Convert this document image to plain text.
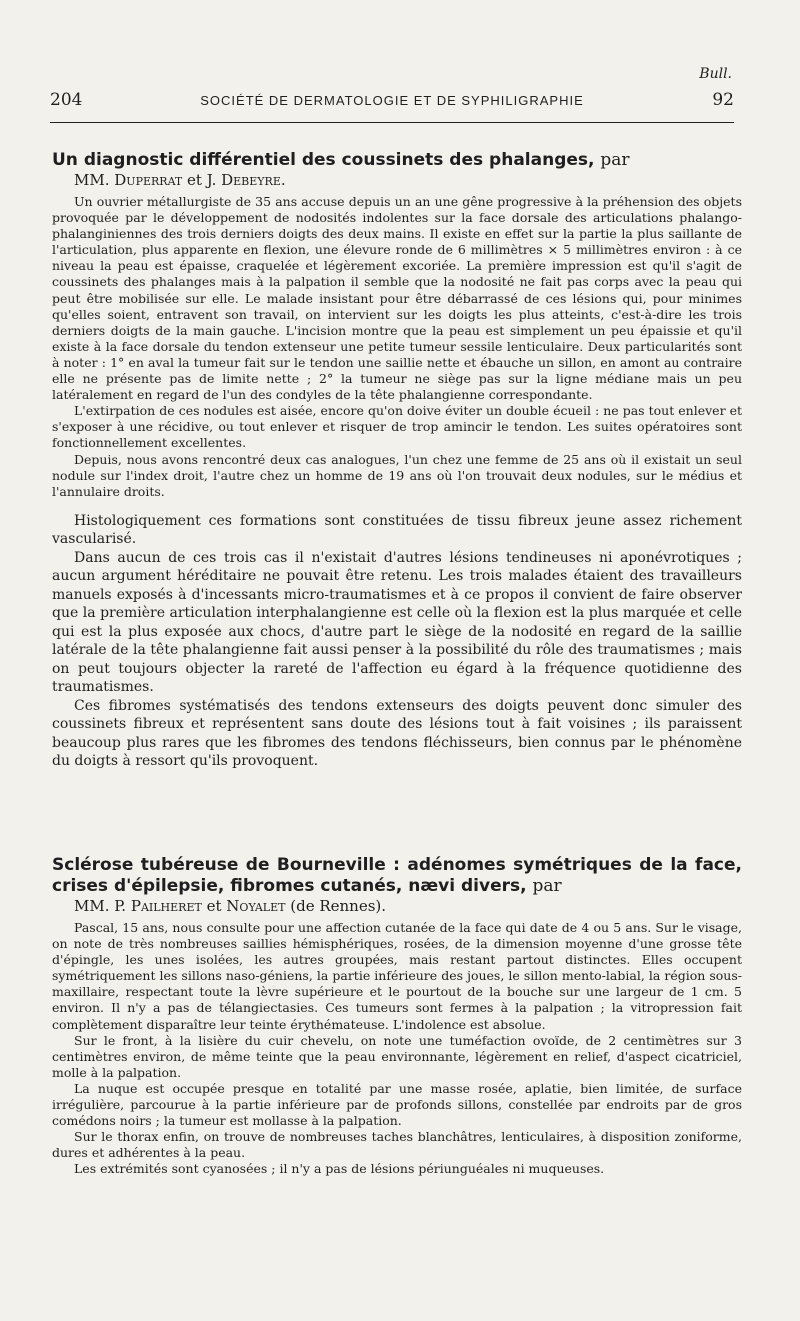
Bull.
204	SOCIÉTÉ DE DERMATOLOGIE ET DE SYPHILIGRAPHIE	92
Un diagnostic différentiel des coussinets des phalanges, par
MM. Duperrat et J. Debeyre.

Un ouvrier métallurgiste de 35 ans accuse depuis un an une gêne progressive à la préhension des objets provoquée par le développement de nodosités indolentes sur la face dorsale des articulations phalango-phalanginiennes des trois derniers doigts des deux mains. Il existe en effet sur la partie la plus saillante de l'articulation, plus apparente en flexion, une élevure ronde de 6 millimètres × 5 millimètres environ : à ce niveau la peau est épaisse, craquelée et légèrement excoriée. La première impression est qu'il s'agit de coussinets des phalanges mais à la palpation il semble que la nodosité ne fait pas corps avec la peau qui peut être mobilisée sur elle. Le malade insistant pour être débarrassé de ces lésions qui, pour minimes qu'elles soient, entravent son travail, on intervient sur les doigts les plus atteints, c'est-à-dire les trois derniers doigts de la main gauche. L'incision montre que la peau est simplement un peu épaissie et qu'il existe à la face dorsale du tendon extenseur une petite tumeur sessile lenticulaire. Deux particularités sont à noter : 1° en aval la tumeur fait sur le tendon une saillie nette et ébauche un sillon, en amont au contraire elle ne présente pas de limite nette ; 2° la tumeur ne siège pas sur la ligne médiane mais un peu latéralement en regard de l'un des condyles de la tête phalangienne correspondante.

L'extirpation de ces nodules est aisée, encore qu'on doive éviter un double écueil : ne pas tout enlever et s'exposer à une récidive, ou tout enlever et risquer de trop amincir le tendon. Les suites opératoires sont fonctionnellement excellentes.

Depuis, nous avons rencontré deux cas analogues, l'un chez une femme de 25 ans où il existait un seul nodule sur l'index droit, l'autre chez un homme de 19 ans où l'on trouvait deux nodules, sur le médius et l'annulaire droits.

Histologiquement ces formations sont constituées de tissu fibreux jeune assez richement vascularisé.

Dans aucun de ces trois cas il n'existait d'autres lésions tendineuses ni aponévrotiques ; aucun argument héréditaire ne pouvait être retenu. Les trois malades étaient des travailleurs manuels exposés à d'incessants micro-traumatismes et à ce propos il convient de faire observer que la première articulation interphalangienne est celle où la flexion est la plus marquée et celle qui est la plus exposée aux chocs, d'autre part le siège de la nodosité en regard de la saillie latérale de la tête phalangienne fait aussi penser à la possibilité du rôle des traumatismes ; mais on peut toujours objecter la rareté de l'affection eu égard à la fréquence quotidienne des traumatismes.

Ces fibromes systématisés des tendons extenseurs des doigts peuvent donc simuler des coussinets fibreux et représentent sans doute des lésions tout à fait voisines ; ils paraissent beaucoup plus rares que les fibromes des tendons fléchisseurs, bien connus par le phénomène du doigts à ressort qu'ils provoquent.

Sclérose tubéreuse de Bourneville : adénomes symétriques de la face, crises d'épilepsie, fibromes cutanés, nævi divers, par
MM. P. Pailheret et Noyalet (de Rennes).

Pascal, 15 ans, nous consulte pour une affection cutanée de la face qui date de 4 ou 5 ans. Sur le visage, on note de très nombreuses saillies hémisphériques, rosées, de la dimension moyenne d'une grosse tête d'épingle, les unes isolées, les autres groupées, mais restant partout distinctes. Elles occupent symétriquement les sillons naso-géniens, la partie inférieure des joues, le sillon mento-labial, la région sous-maxillaire, respectant toute la lèvre supérieure et le pourtout de la bouche sur une largeur de 1 cm. 5 environ. Il n'y a pas de télangiectasies. Ces tumeurs sont fermes à la palpation ; la vitropression fait complètement disparaître leur teinte érythémateuse. L'indolence est absolue.

Sur le front, à la lisière du cuir chevelu, on note une tuméfaction ovoïde, de 2 centimètres sur 3 centimètres environ, de même teinte que la peau environnante, légèrement en relief, d'aspect cicatriciel, molle à la palpation.

La nuque est occupée presque en totalité par une masse rosée, aplatie, bien limitée, de surface irrégulière, parcourue à la partie inférieure par de profonds sillons, constellée par endroits par de gros comédons noirs ; la tumeur est mollasse à la palpation.

Sur le thorax enfin, on trouve de nombreuses taches blanchâtres, lenticulaires, à disposition zoniforme, dures et adhérentes à la peau.

Les extrémités sont cyanosées ; il n'y a pas de lésions périunguéales ni muqueuses.
